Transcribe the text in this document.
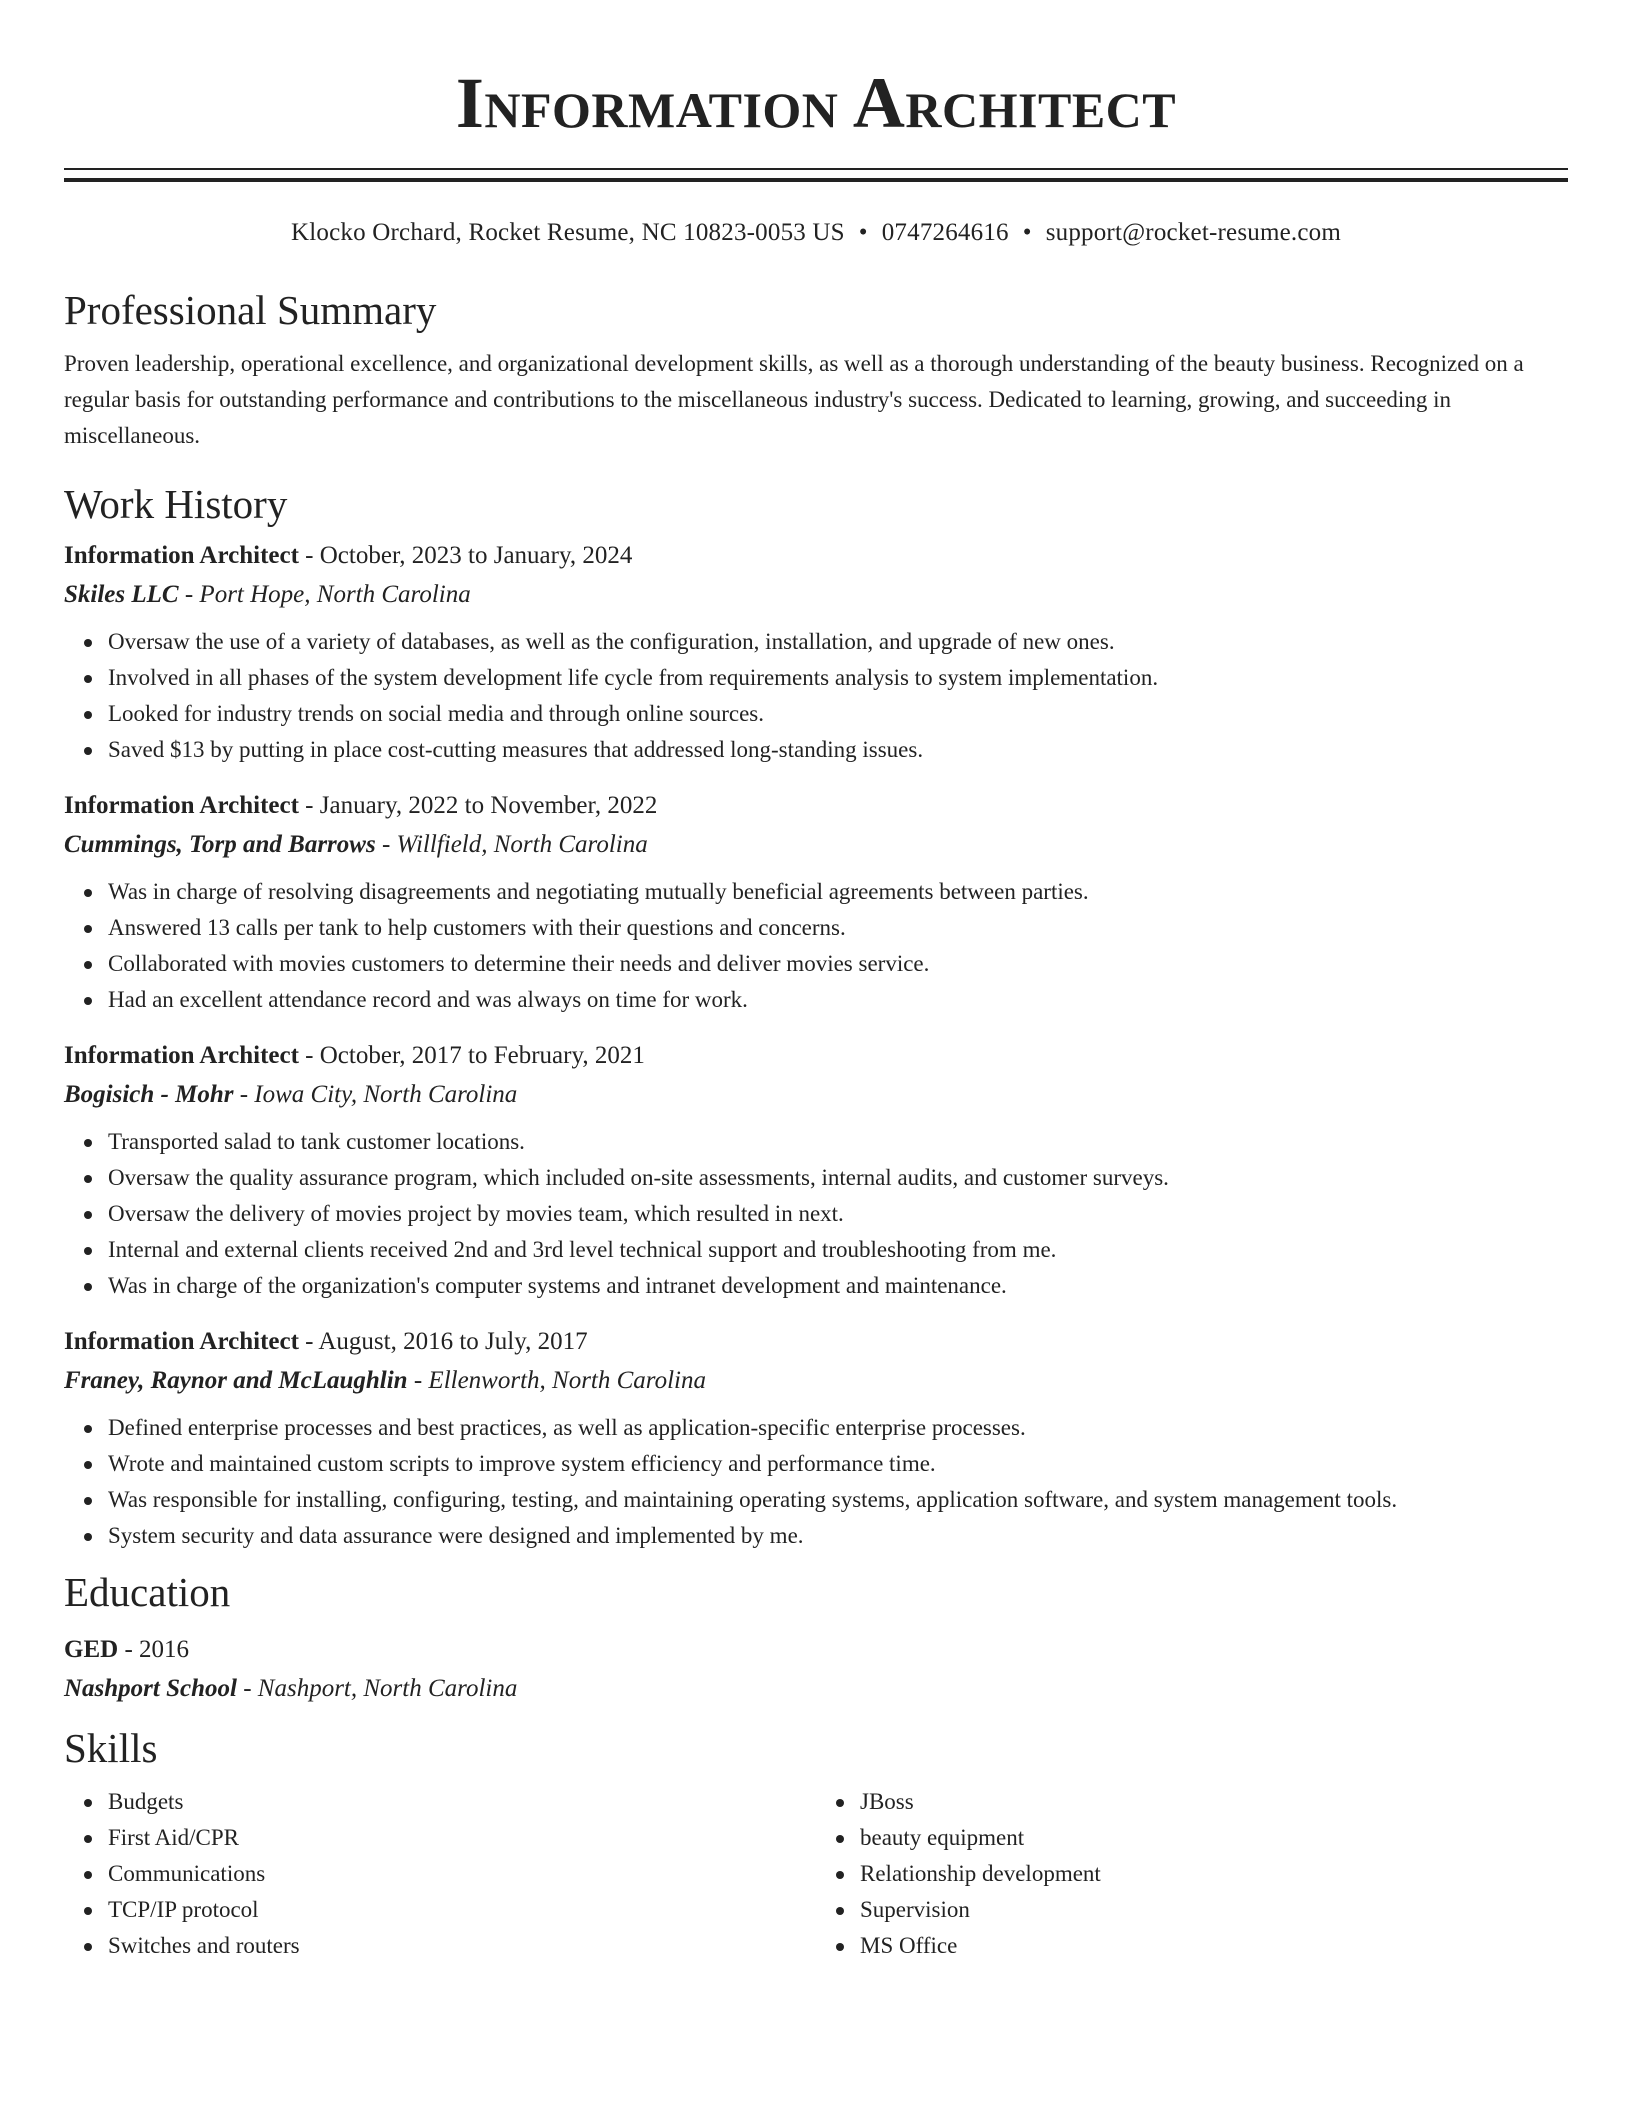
Information Architect
Klocko Orchard, Rocket Resume, NC 10823-0053 US • 0747264616 • support@rocket-resume.com
Professional Summary

Proven leadership, operational excellence, and organizational development skills, as well as a thorough understanding of the beauty business. Recognized on a regular basis for outstanding performance and contributions to the miscellaneous industry's success. Dedicated to learning, growing, and succeeding in miscellaneous.

Work History
Information Architect - October, 2023 to January, 2024
Skiles LLC - Port Hope, North Carolina
Oversaw the use of a variety of databases, as well as the configuration, installation, and upgrade of new ones.
Involved in all phases of the system development life cycle from requirements analysis to system implementation.
Looked for industry trends on social media and through online sources.
Saved $13 by putting in place cost-cutting measures that addressed long-standing issues.
Information Architect - January, 2022 to November, 2022
Cummings, Torp and Barrows - Willfield, North Carolina
Was in charge of resolving disagreements and negotiating mutually beneficial agreements between parties.
Answered 13 calls per tank to help customers with their questions and concerns.
Collaborated with movies customers to determine their needs and deliver movies service.
Had an excellent attendance record and was always on time for work.
Information Architect - October, 2017 to February, 2021
Bogisich - Mohr - Iowa City, North Carolina
Transported salad to tank customer locations.
Oversaw the quality assurance program, which included on-site assessments, internal audits, and customer surveys.
Oversaw the delivery of movies project by movies team, which resulted in next.
Internal and external clients received 2nd and 3rd level technical support and troubleshooting from me.
Was in charge of the organization's computer systems and intranet development and maintenance.
Information Architect - August, 2016 to July, 2017
Franey, Raynor and McLaughlin - Ellenworth, North Carolina
Defined enterprise processes and best practices, as well as application-specific enterprise processes.
Wrote and maintained custom scripts to improve system efficiency and performance time.
Was responsible for installing, configuring, testing, and maintaining operating systems, application software, and system management tools.
System security and data assurance were designed and implemented by me.
Education
GED - 2016
Nashport School - Nashport, North Carolina
Skills
Budgets
First Aid/CPR
Communications
TCP/IP protocol
Switches and routers
JBoss
beauty equipment
Relationship development
Supervision
MS Office
